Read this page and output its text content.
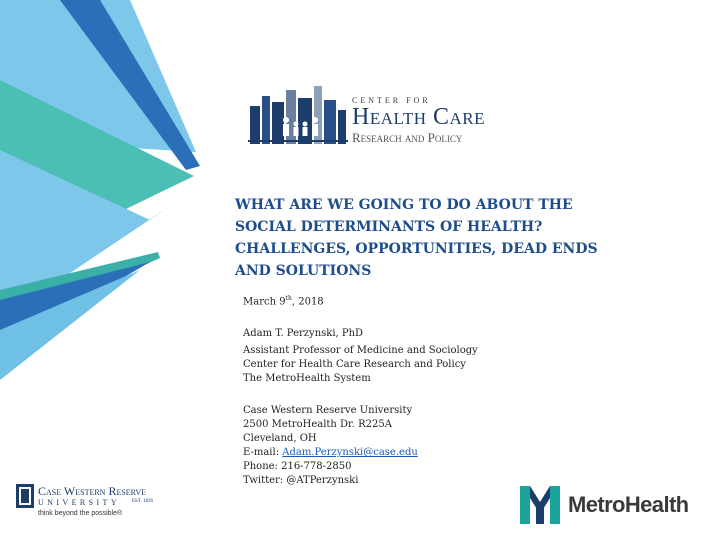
CENTER FOR
Health Care
Research and Policy
WHAT ARE WE GOING TO DO ABOUT THE SOCIAL DETERMINANTS OF HEALTH? CHALLENGES, OPPORTUNITIES, DEAD ENDS AND SOLUTIONS
March 9th, 2018
Adam T. Perzynski, PhD
Assistant Professor of Medicine and Sociology
Center for Health Care Research and Policy
The MetroHealth System
Case Western Reserve University
2500 MetroHealth Dr. R225A
Cleveland, OH
E-mail: Adam.Perzynski@case.edu
Phone: 216-778-2850
Twitter: @ATPerzynski
Case Western Reserve
UNIVERSITY EST. 1826
think beyond the possible®	MetroHealth
